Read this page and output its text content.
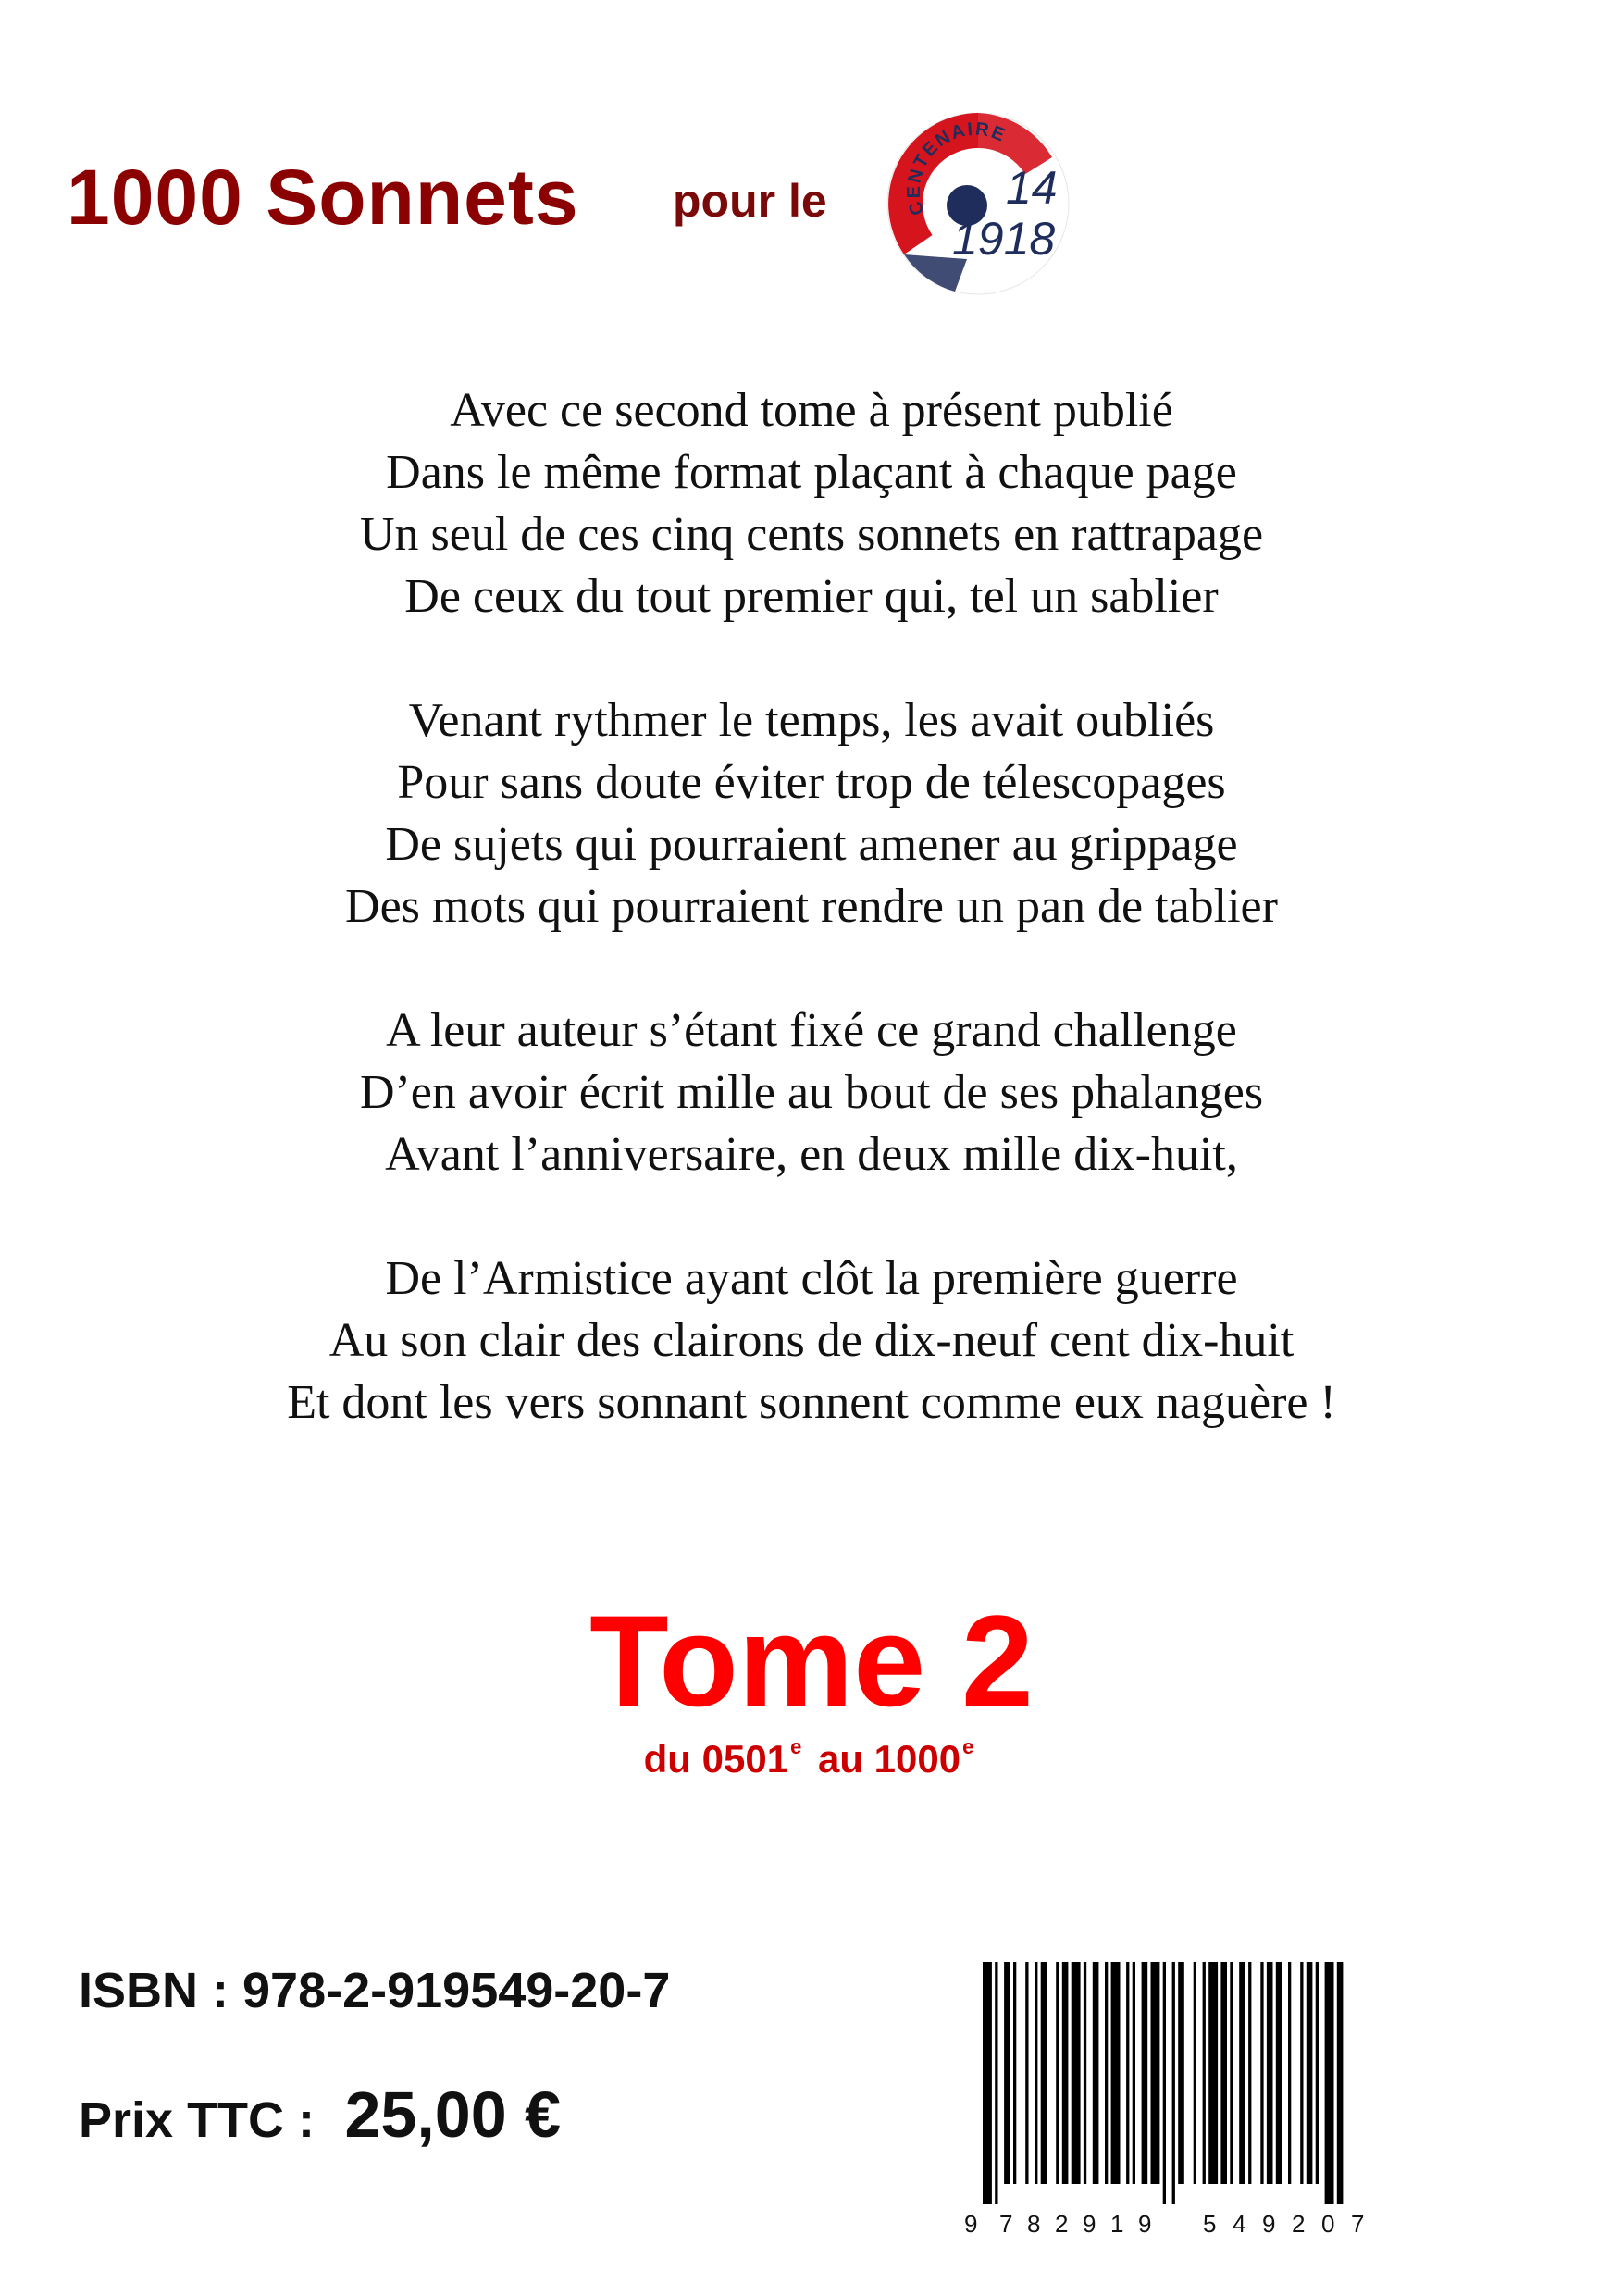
1000 Sonnets pour le	CENTENAIRE
14
1918
Avec ce second tome à présent publié
Dans le même format plaçant à chaque page
Un seul de ces cinq cents sonnets en rattrapage
De ceux du tout premier qui, tel un sablier
Venant rythmer le temps, les avait oubliés
Pour sans doute éviter trop de télescopages
De sujets qui pourraient amener au grippage
Des mots qui pourraient rendre un pan de tablier
A leur auteur s’étant fixé ce grand challenge
D’en avoir écrit mille au bout de ses phalanges
Avant l’anniversaire, en deux mille dix-huit,
De l’Armistice ayant clôt la première guerre
Au son clair des clairons de dix-neuf cent dix-huit
Et dont les vers sonnant sonnent comme eux naguère !
Tome 2
du 0501e au 1000e
ISBN : 978-2-919549-20-7
Prix TTC : 25,00 €
9 7 8 2 9 1 9 5 4 9 2 0 7
